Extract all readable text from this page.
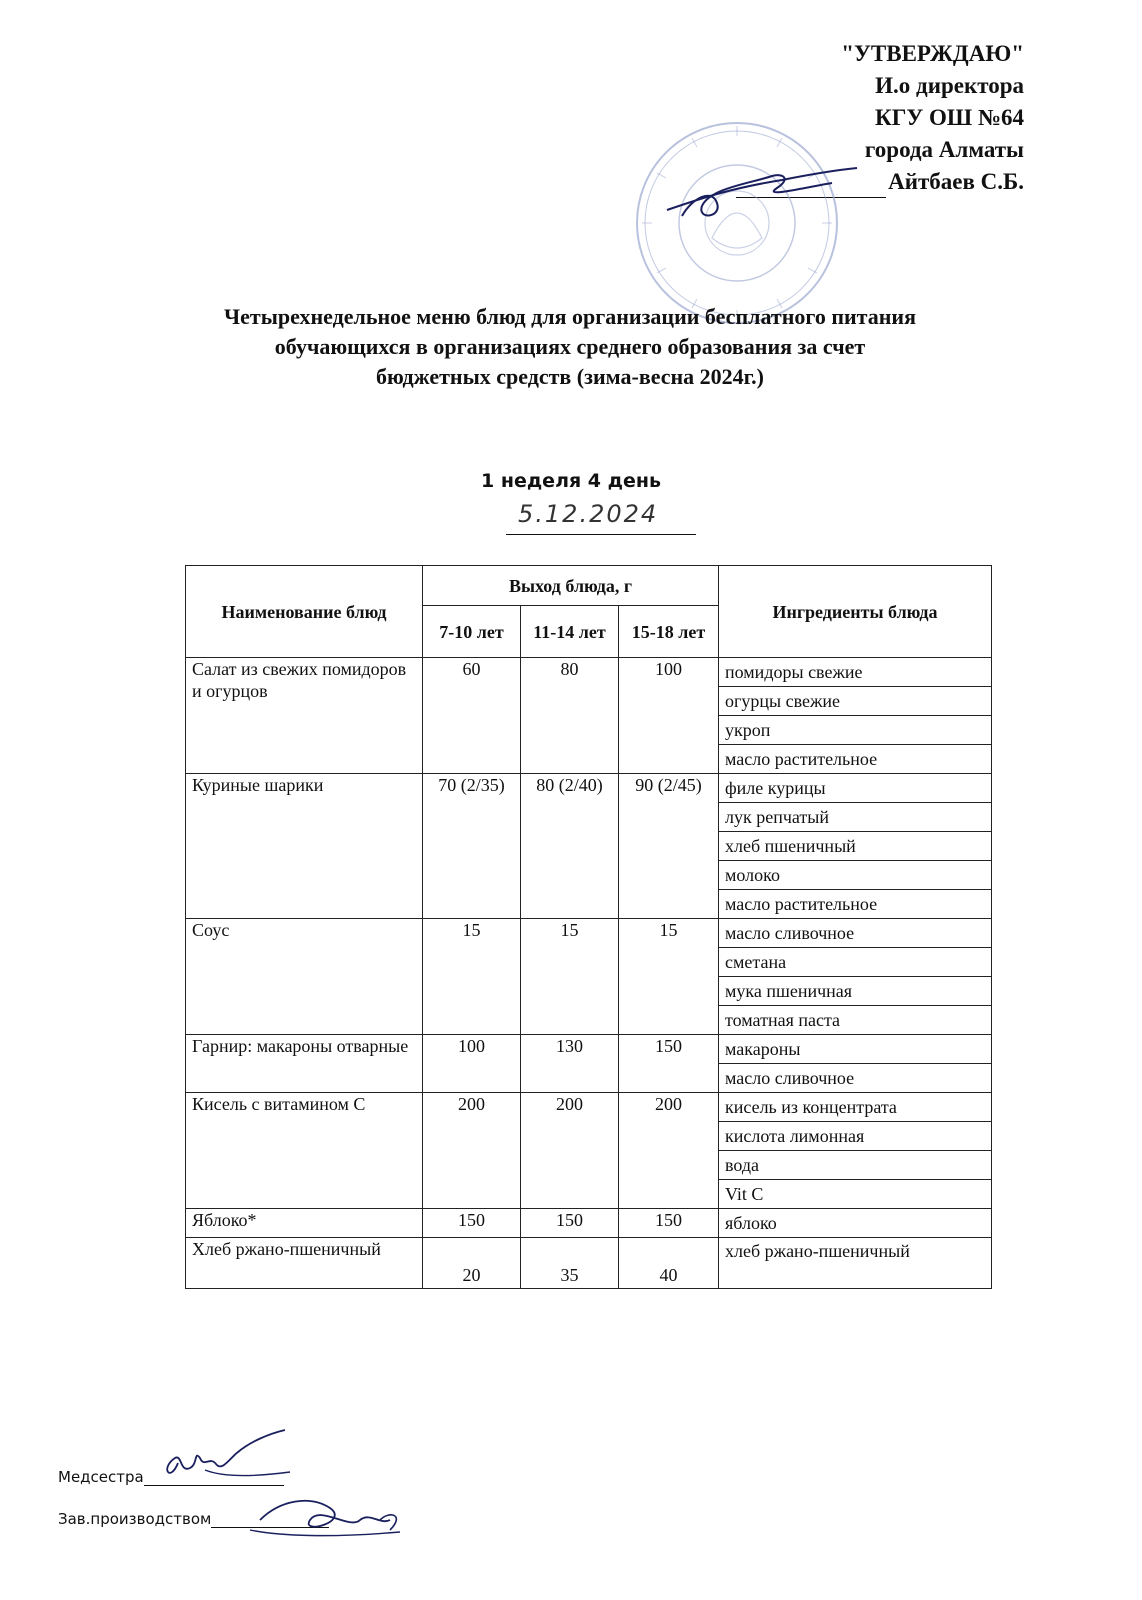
"УТВЕРЖДАЮ"
И.о директора
КГУ ОШ №64
города Алматы
Айтбаев С.Б.
Четырехнедельное меню блюд для организации бесплатного питания
обучающихся в организациях среднего образования за счет
бюджетных средств (зима-весна 2024г.)
1 неделя 4 день
5.12.2024
Наименование блюд	Выход блюда, г			Ингредиенты блюда
	7-10 лет	11-14 лет	15-18 лет	
Салат из свежих помидоров и огурцов	60	80	100	помидоры свежие
				огурцы свежие
				укроп
				масло растительное
Куриные шарики	70 (2/35)	80 (2/40)	90 (2/45)	филе курицы
				лук репчатый
				хлеб пшеничный
				молоко
				масло растительное
Соус	15	15	15	масло сливочное
				сметана
				мука пшеничная
				томатная паста
Гарнир: макароны отварные	100	130	150	макароны
				масло сливочное
Кисель с витамином С	200	200	200	кисель из концентрата
				кислота лимонная
				вода
				Vit C
Яблоко*	150	150	150	яблоко
Хлеб ржано-пшеничный	20	35	40	хлеб ржано-пшеничный
Медсестра
Зав.производством
